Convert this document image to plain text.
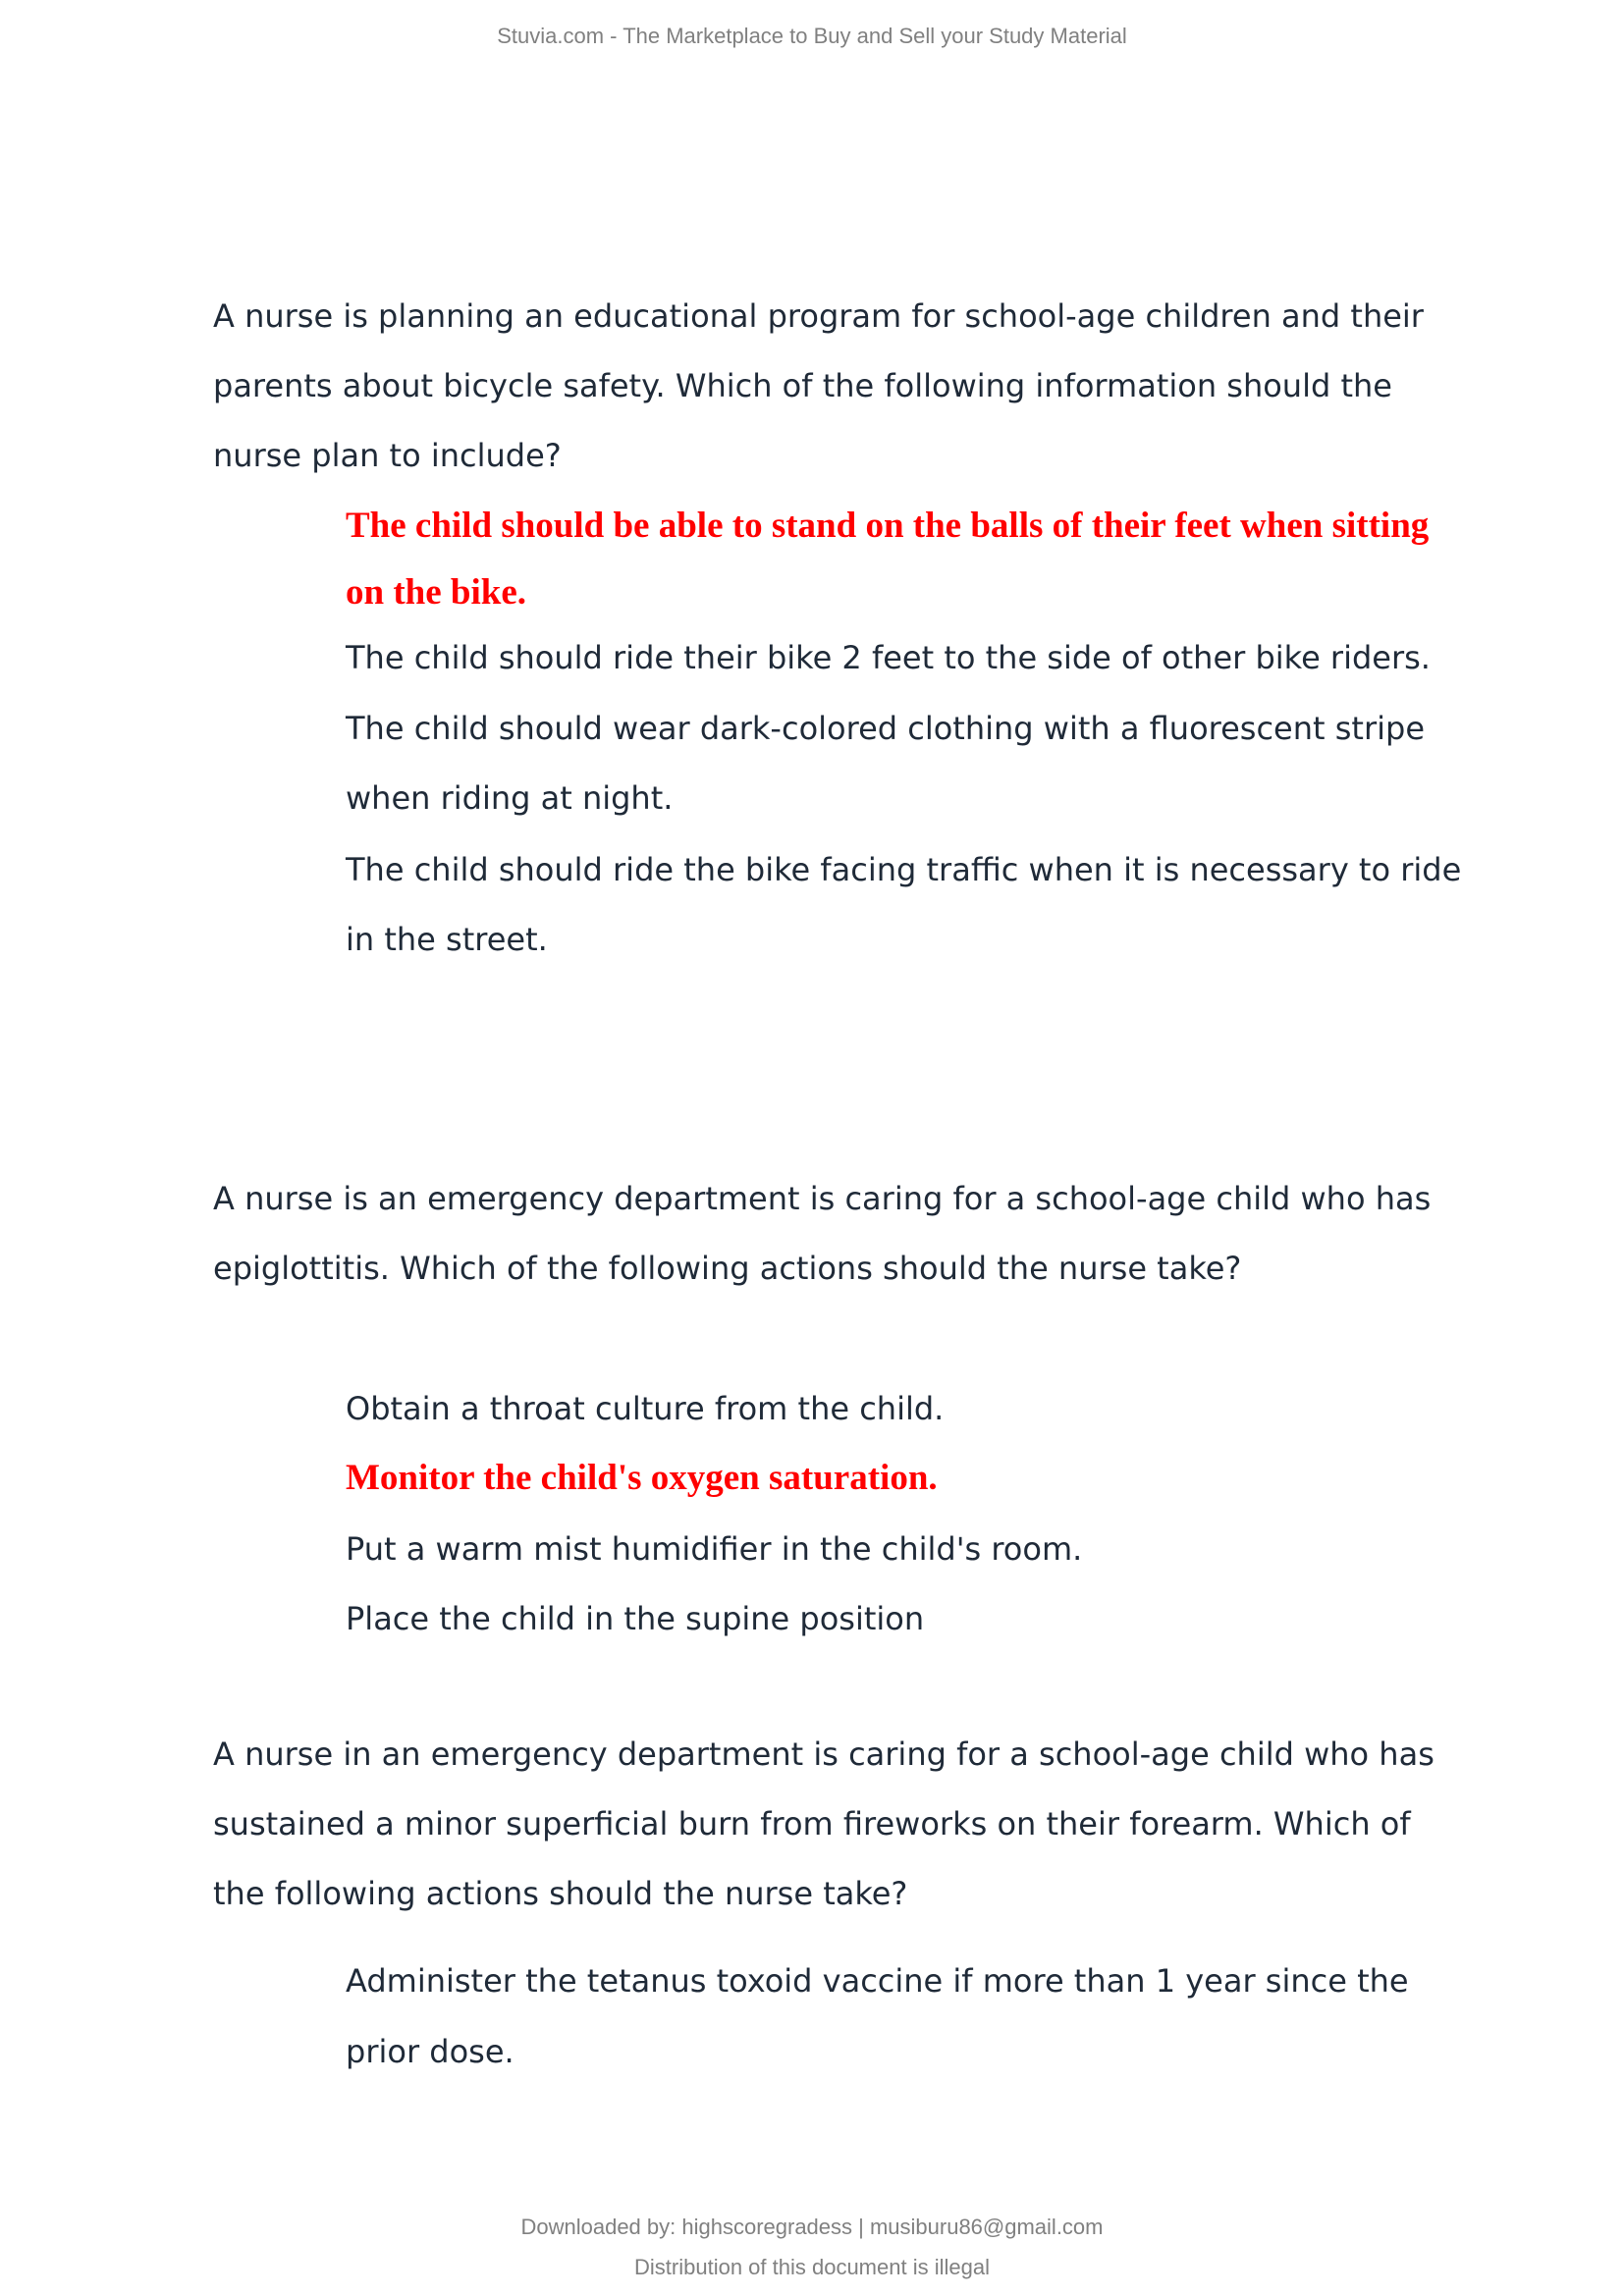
Stuvia.com - The Marketplace to Buy and Sell your Study Material
A nurse is planning an educational program for school-age children and their parents about bicycle safety. Which of the following information should the nurse plan to include?
The child should be able to stand on the balls of their feet when sitting on the bike.
The child should ride their bike 2 feet to the side of other bike riders.
The child should wear dark-colored clothing with a fluorescent stripe when riding at night.
The child should ride the bike facing traffic when it is necessary to ride in the street.
A nurse is an emergency department is caring for a school-age child who has epiglottitis. Which of the following actions should the nurse take?
Obtain a throat culture from the child.
Monitor the child's oxygen saturation.
Put a warm mist humidifier in the child's room.
Place the child in the supine position
A nurse in an emergency department is caring for a school-age child who has sustained a minor superficial burn from fireworks on their forearm. Which of the following actions should the nurse take?
Administer the tetanus toxoid vaccine if more than 1 year since the prior dose.
Downloaded by: highscoregradess | musiburu86@gmail.com
Distribution of this document is illegal
